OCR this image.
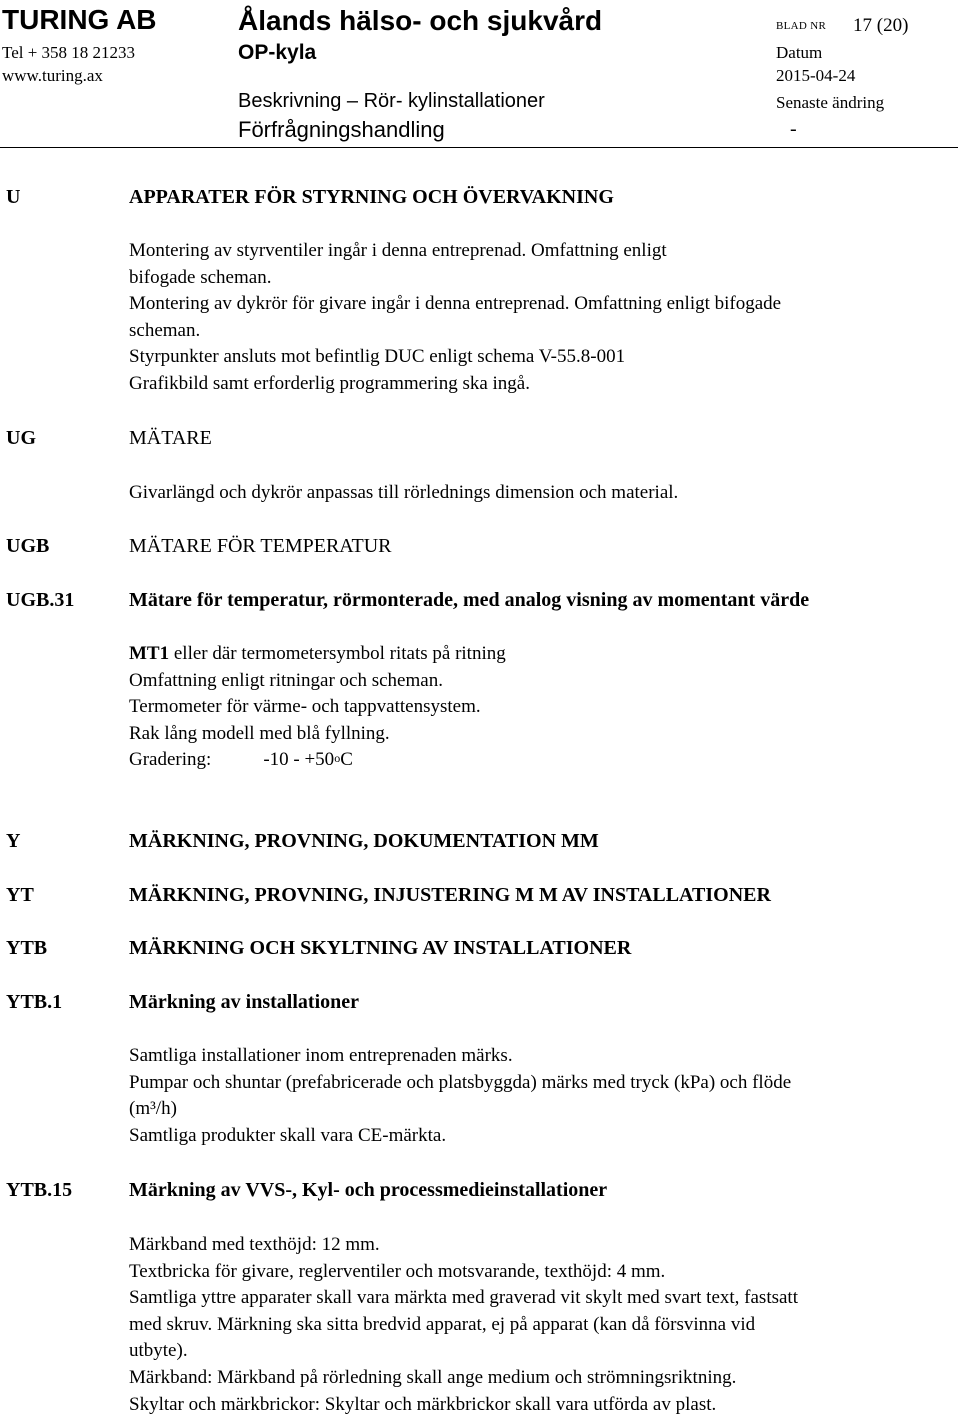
TURING AB
Tel + 358 18 21233
www.turing.ax
Ålands hälso- och sjukvård
OP-kyla
Beskrivning – Rör- kylinstallationer
Förfrågningshandling
BLAD NR 17 (20)
Datum
2015-04-24
Senaste ändring
-
U	APPARATER FÖR STYRNING OCH ÖVERVAKNING
Montering av styrventiler ingår i denna entreprenad. Omfattning enligt
bifogade scheman.
Montering av dykrör för givare ingår i denna entreprenad. Omfattning enligt bifogade
scheman.
Styrpunkter ansluts mot befintlig DUC enligt schema V-55.8-001
Grafikbild samt erforderlig programmering ska ingå.
UG	MÄTARE
Givarlängd och dykrör anpassas till rörlednings dimension och material.
UGB	MÄTARE FÖR TEMPERATUR
UGB.31	Mätare för temperatur, rörmonterade, med analog visning av momentant värde
MT1 eller där termometersymbol ritats på ritning
Omfattning enligt ritningar och scheman.
Termometer för värme- och tappvattensystem.
Rak lång modell med blå fyllning.
Gradering:	$-10 - +50^oC$
Y	MÄRKNING, PROVNING, DOKUMENTATION MM
YT	MÄRKNING, PROVNING, INJUSTERING M M AV INSTALLATIONER
YTB	MÄRKNING OCH SKYLTNING AV INSTALLATIONER
YTB.1	Märkning av installationer
Samtliga installationer inom entreprenaden märks.
Pumpar och shuntar (prefabricerade och platsbyggda) märks med tryck (kPa) och flöde
(m³/h)
Samtliga produkter skall vara CE-märkta.
YTB.15	Märkning av VVS-, Kyl- och processmedieinstallationer
Märkband med texthöjd: 12 mm.
Textbricka för givare, reglerventiler och motsvarande, texthöjd: 4 mm.
Samtliga yttre apparater skall vara märkta med graverad vit skylt med svart text, fastsatt
med skruv. Märkning ska sitta bredvid apparat, ej på apparat (kan då försvinna vid
utbyte).
Märkband: Märkband på rörledning skall ange medium och strömningsriktning.
Skyltar och märkbrickor: Skyltar och märkbrickor skall vara utförda av plast.
